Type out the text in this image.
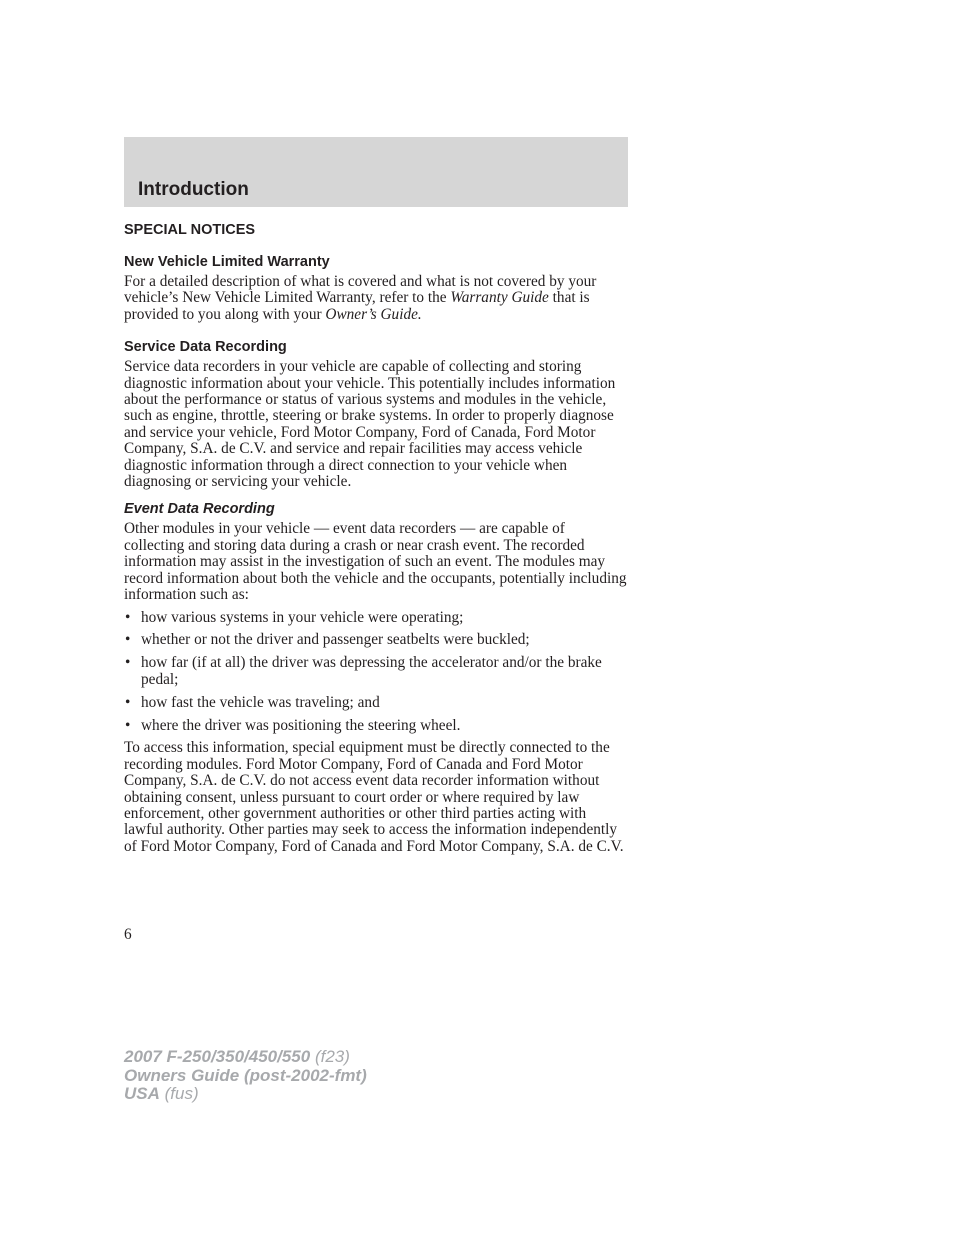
Introduction
SPECIAL NOTICES
New Vehicle Limited Warranty

For a detailed description of what is covered and what is not covered by your vehicle’s New Vehicle Limited Warranty, refer to the Warranty Guide that is provided to you along with your Owner’s Guide.

Service Data Recording

Service data recorders in your vehicle are capable of collecting and storing diagnostic information about your vehicle. This potentially includes information about the performance or status of various systems and modules in the vehicle, such as engine, throttle, steering or brake systems. In order to properly diagnose and service your vehicle, Ford Motor Company, Ford of Canada, Ford Motor Company, S.A. de C.V. and service and repair facilities may access vehicle diagnostic information through a direct connection to your vehicle when diagnosing or servicing your vehicle.

Event Data Recording

Other modules in your vehicle — event data recorders — are capable of collecting and storing data during a crash or near crash event. The recorded information may assist in the investigation of such an event. The modules may record information about both the vehicle and the occupants, potentially including information such as:

• how various systems in your vehicle were operating;
• whether or not the driver and passenger seatbelts were buckled;
• how far (if at all) the driver was depressing the accelerator and/or the brake pedal;
• how fast the vehicle was traveling; and
• where the driver was positioning the steering wheel.

To access this information, special equipment must be directly connected to the recording modules. Ford Motor Company, Ford of Canada and Ford Motor Company, S.A. de C.V. do not access event data recorder information without obtaining consent, unless pursuant to court order or where required by law enforcement, other government authorities or other third parties acting with lawful authority. Other parties may seek to access the information independently of Ford Motor Company, Ford of Canada and Ford Motor Company, S.A. de C.V.

6
2007 F-250/350/450/550 (f23)
Owners Guide (post-2002-fmt)
USA (fus)
